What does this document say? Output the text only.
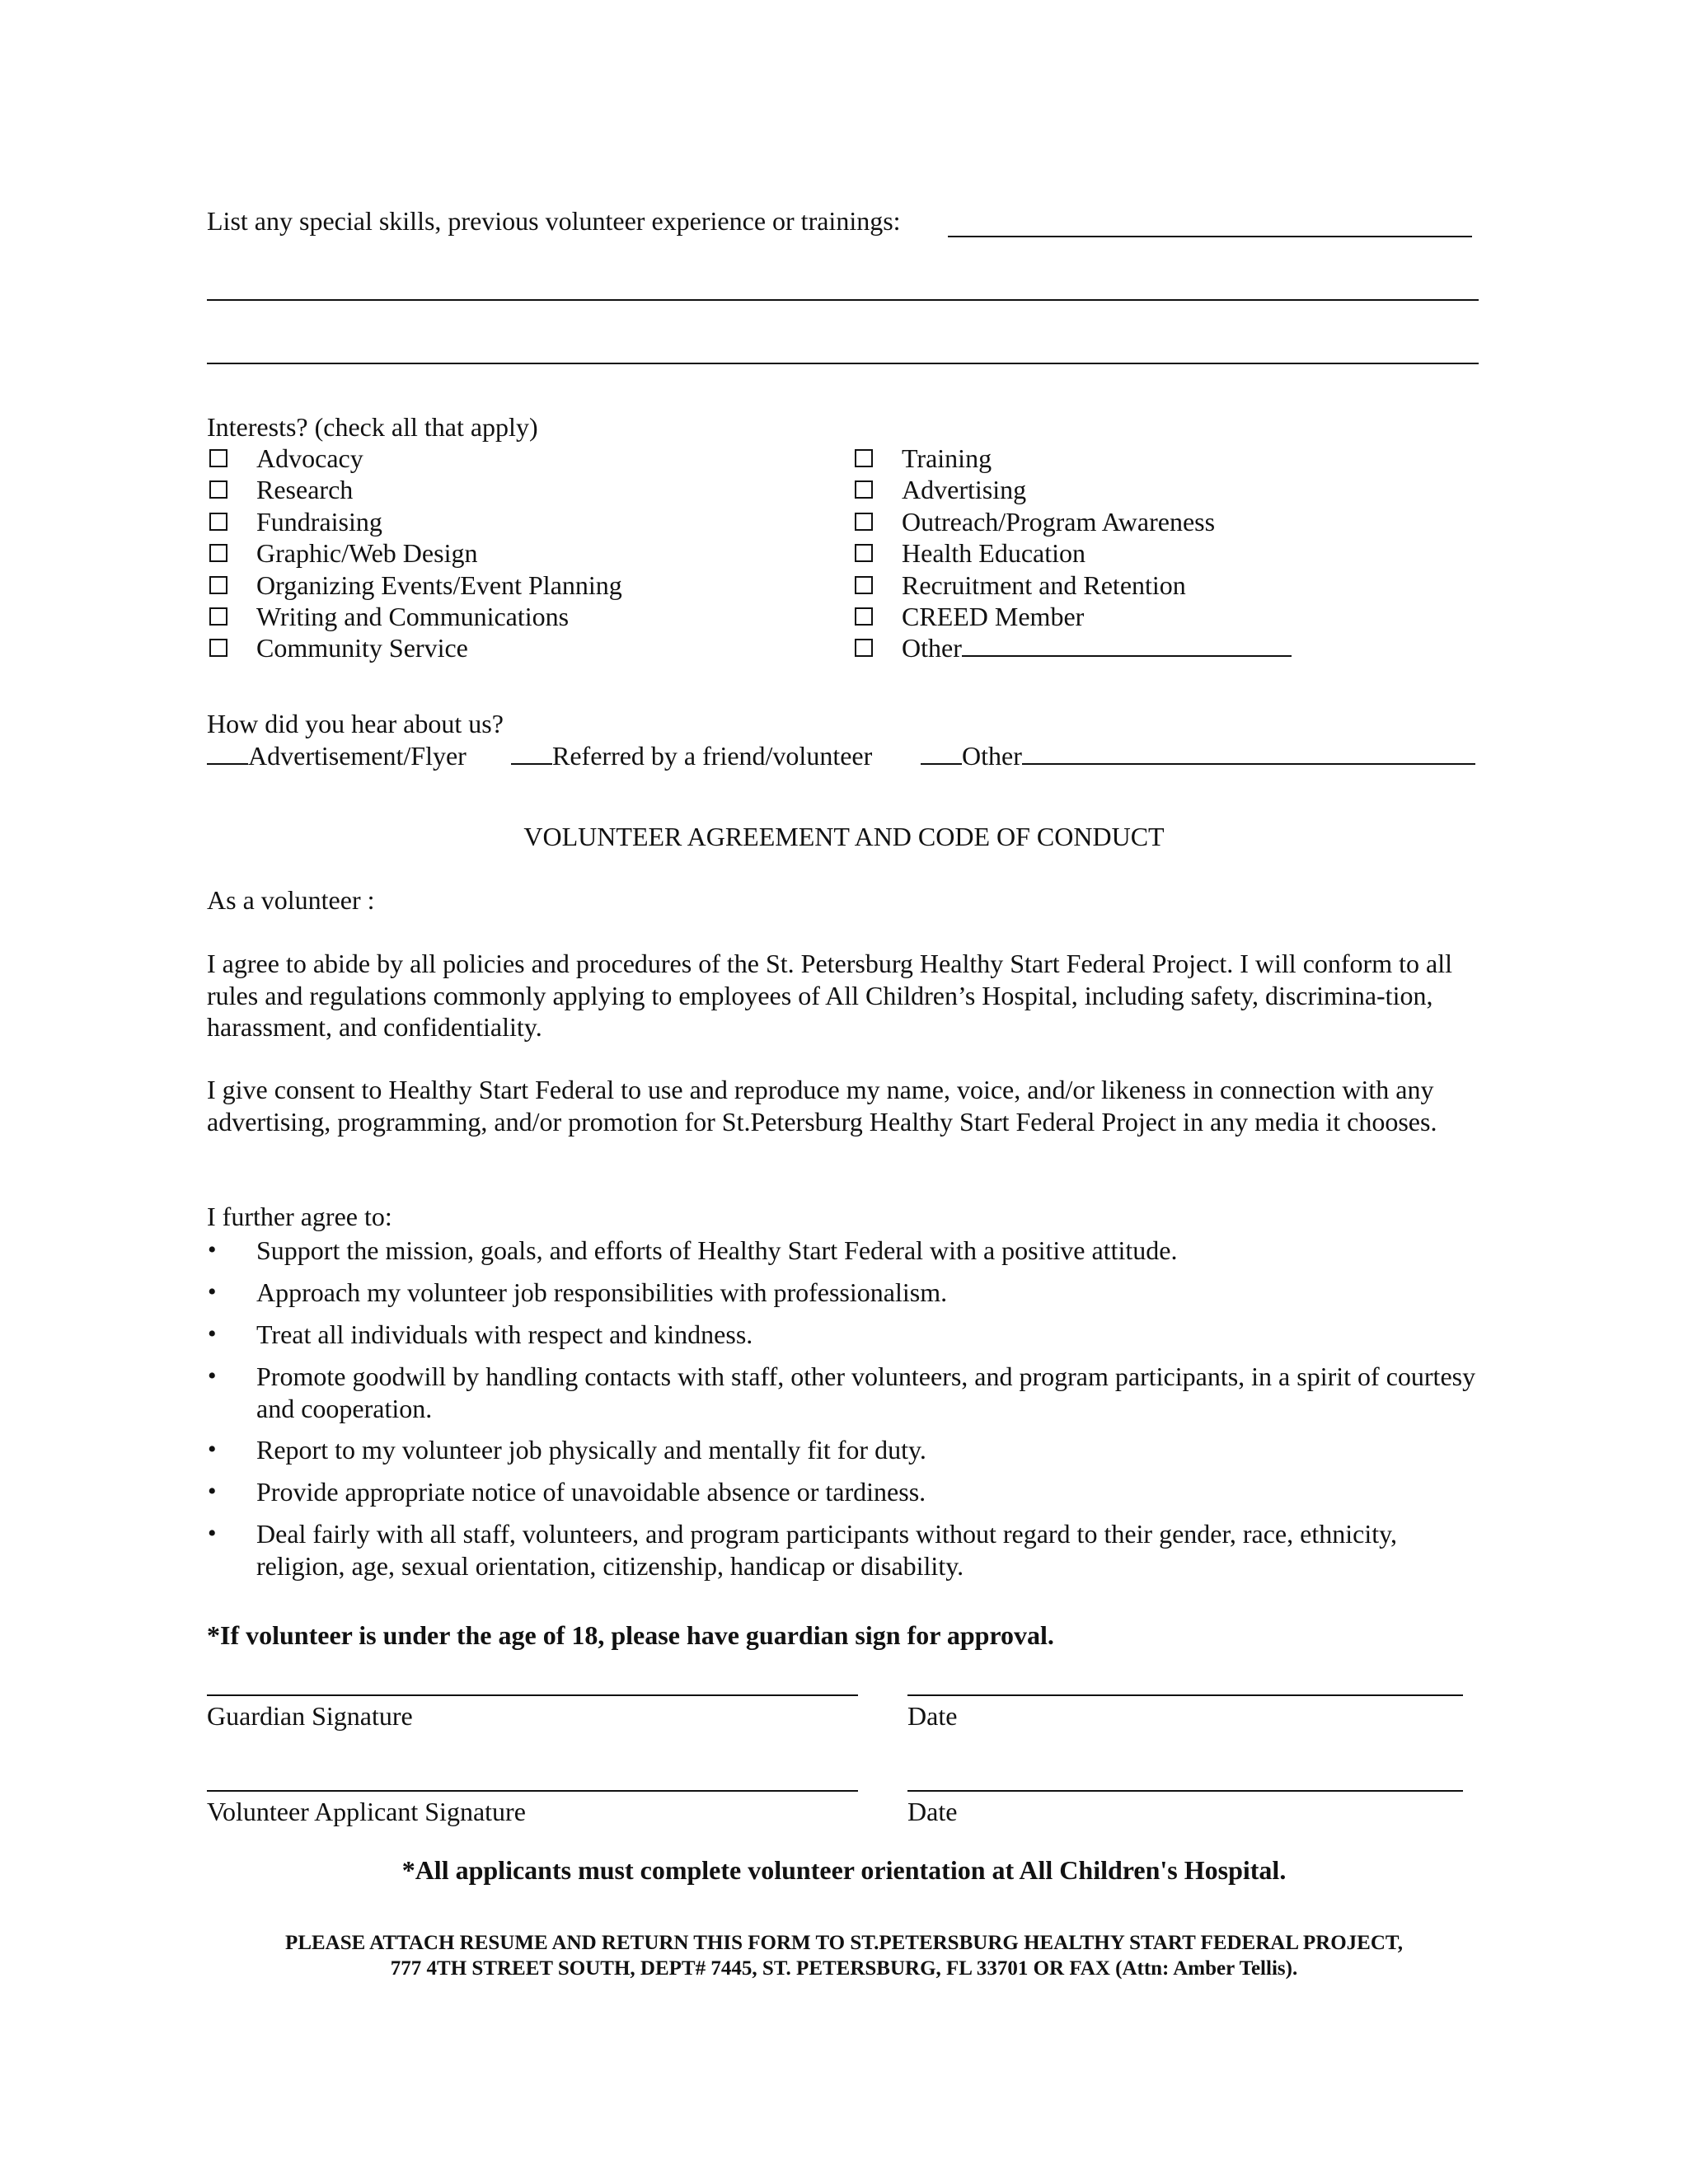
List any special skills, previous volunteer experience or trainings:
Interests? (check all that apply)
Advocacy
Research
Fundraising
Graphic/Web Design
Organizing Events/Event Planning
Writing and Communications
Community Service
Training
Advertising
Outreach/Program Awareness
Health Education
Recruitment and Retention
CREED Member
Other
How did you hear about us?
Advertisement/Flyer	Referred by a friend/volunteer	Other
VOLUNTEER AGREEMENT AND CODE OF CONDUCT
As a volunteer :
I agree to abide by all policies and procedures of the St. Petersburg Healthy Start Federal Project. I will conform to all rules and regulations commonly applying to employees of All Children’s Hospital, including safety, discrimina-tion, harassment, and confidentiality.
I give consent to Healthy Start Federal to use and reproduce my name, voice, and/or likeness in connection with any advertising, programming, and/or promotion for St.Petersburg Healthy Start Federal Project in any media it chooses.
I further agree to:
• Support the mission, goals, and efforts of Healthy Start Federal with a positive attitude.
• Approach my volunteer job responsibilities with professionalism.
• Treat all individuals with respect and kindness.
• Promote goodwill by handling contacts with staff, other volunteers, and program participants, in a spirit of courtesy and cooperation.
• Report to my volunteer job physically and mentally fit for duty.
• Provide appropriate notice of unavoidable absence or tardiness.
• Deal fairly with all staff, volunteers, and program participants without regard to their gender, race, ethnicity, religion, age, sexual orientation, citizenship, handicap or disability.
*If volunteer is under the age of 18, please have guardian sign for approval.
Guardian Signature	Date
Volunteer Applicant Signature	Date
*All applicants must complete volunteer orientation at All Children's Hospital.
PLEASE ATTACH RESUME AND RETURN THIS FORM TO ST.PETERSBURG HEALTHY START FEDERAL PROJECT,
777 4TH STREET SOUTH, DEPT# 7445, ST. PETERSBURG, FL 33701 OR FAX (Attn: Amber Tellis).
